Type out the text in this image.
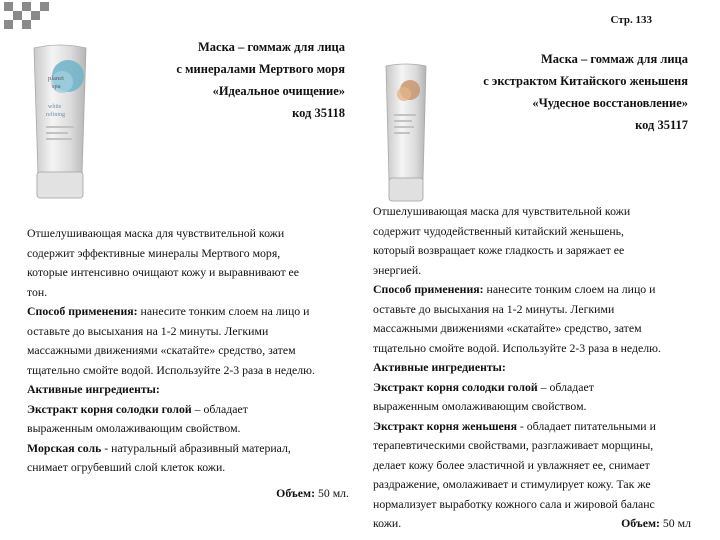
Стр. 133
planet
spa
white
refining
Маска – гоммаж для лица
с минералами Мертвого моря
«Идеальное очищение»
код 35118

Отшелушивающая маска для чувствительной кожи

содержит эффективные минералы Мертвого моря,

которые интенсивно очищают кожу и выравнивают ее

тон.

Способ применения: нанесите тонким слоем на лицо и

оставьте до высыхания на 1-2 минуты. Легкими

массажными движениями «скатайте» средство, затем

тщательно смойте водой. Используйте 2-3 раза в неделю.

Активные ингредиенты:

Экстракт корня солодки голой – обладает

выраженным омолаживающим свойством.

Морская соль - натуральный абразивный материал,

снимает огрубевший слой клеток кожи.

Объем: 50 мл.

Маска – гоммаж для лица
с экстрактом Китайского женьшеня
«Чудесное восстановление»
код 35117

Отшелушивающая маска для чувствительной кожи

содержит чудодейственный китайский женьшень,

который возвращает коже гладкость и заряжает ее

энергией.

Способ применения: нанесите тонким слоем на лицо и

оставьте до высыхания на 1-2 минуты. Легкими

массажными движениями «скатайте» средство, затем

тщательно смойте водой. Используйте 2-3 раза в неделю.

Активные ингредиенты:

Экстракт корня солодки голой – обладает

выраженным омолаживающим свойством.

Экстракт корня женьшеня - обладает питательными и

терапевтическими свойствами, разглаживает морщины,

делает кожу более эластичной и увлажняет ее, снимает

раздражение, омолаживает и стимулирует кожу. Так же

нормализует выработку кожного сала и жировой баланс

кожи.	Объем: 50 мл
